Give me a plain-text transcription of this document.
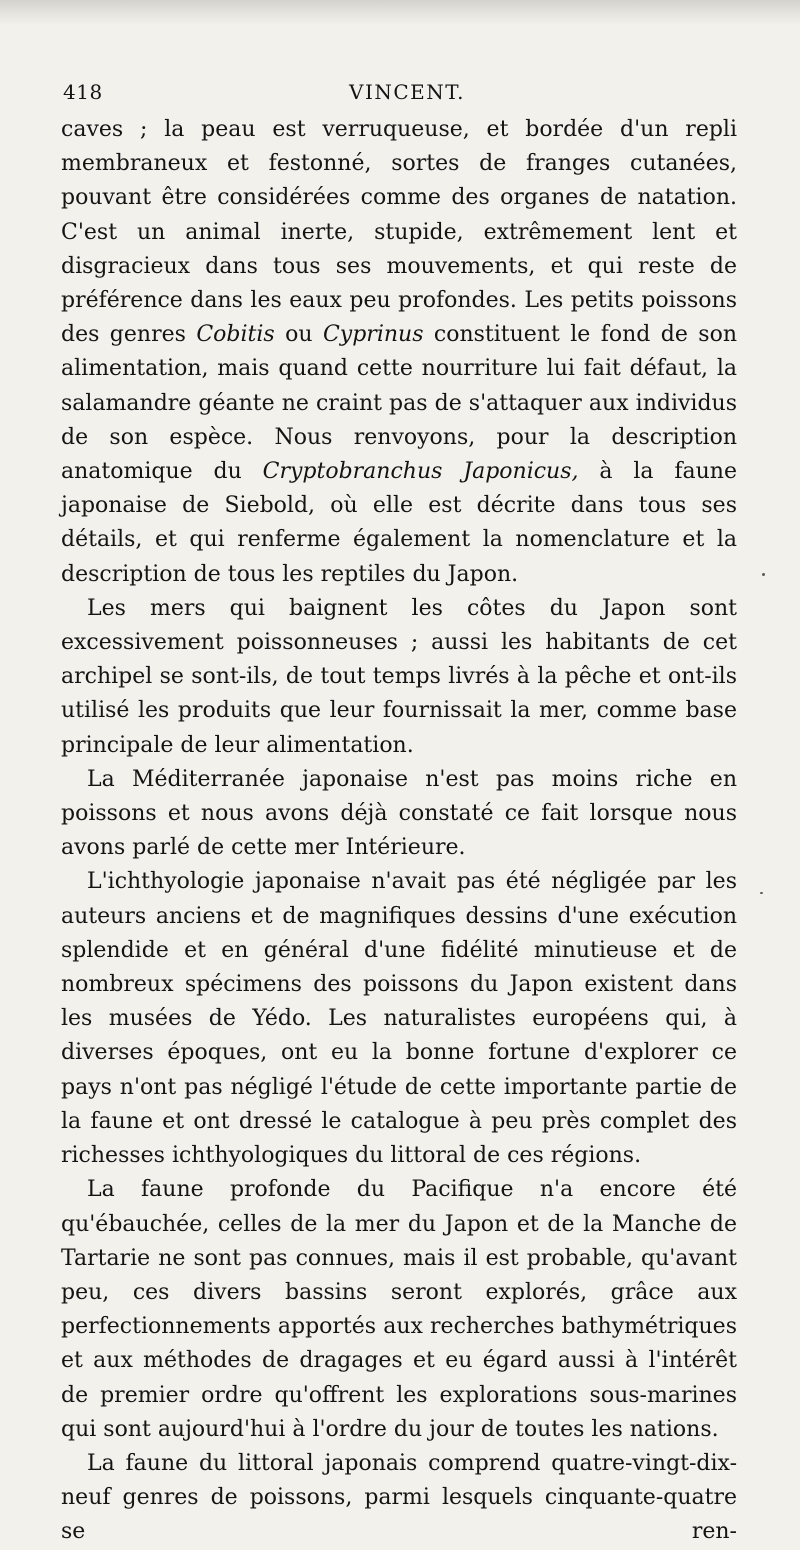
418	VINCENT.

caves ; la peau est verruqueuse, et bordée d'un repli membraneux et festonné, sortes de franges cutanées, pouvant être considérées comme des organes de natation. C'est un animal inerte, stupide, extrêmement lent et disgracieux dans tous ses mouvements, et qui reste de préférence dans les eaux peu profondes. Les petits poissons des genres Cobitis ou Cyprinus constituent le fond de son alimentation, mais quand cette nourriture lui fait défaut, la salamandre géante ne craint pas de s'attaquer aux individus de son espèce. Nous renvoyons, pour la description anatomique du Cryptobranchus Japonicus, à la faune japonaise de Siebold, où elle est décrite dans tous ses détails, et qui renferme également la nomenclature et la description de tous les reptiles du Japon.

Les mers qui baignent les côtes du Japon sont excessivement poissonneuses ; aussi les habitants de cet archipel se sont-ils, de tout temps livrés à la pêche et ont-ils utilisé les produits que leur fournissait la mer, comme base principale de leur alimentation.

La Méditerranée japonaise n'est pas moins riche en poissons et nous avons déjà constaté ce fait lorsque nous avons parlé de cette mer Intérieure.

L'ichthyologie japonaise n'avait pas été négligée par les auteurs anciens et de magnifiques dessins d'une exécution splendide et en général d'une fidélité minutieuse et de nombreux spécimens des poissons du Japon existent dans les musées de Yédo. Les naturalistes européens qui, à diverses époques, ont eu la bonne fortune d'explorer ce pays n'ont pas négligé l'étude de cette importante partie de la faune et ont dressé le catalogue à peu près complet des richesses ichthyologiques du littoral de ces régions.

La faune profonde du Pacifique n'a encore été qu'ébauchée, celles de la mer du Japon et de la Manche de Tartarie ne sont pas connues, mais il est probable, qu'avant peu, ces divers bassins seront explorés, grâce aux perfectionnements apportés aux recherches bathymétriques et aux méthodes de dragages et eu égard aussi à l'intérêt de premier ordre qu'offrent les explorations sous-marines qui sont aujourd'hui à l'ordre du jour de toutes les nations.

La faune du littoral japonais comprend quatre-vingt-dix-neuf genres de poissons, parmi lesquels cinquante-quatre se ren-
